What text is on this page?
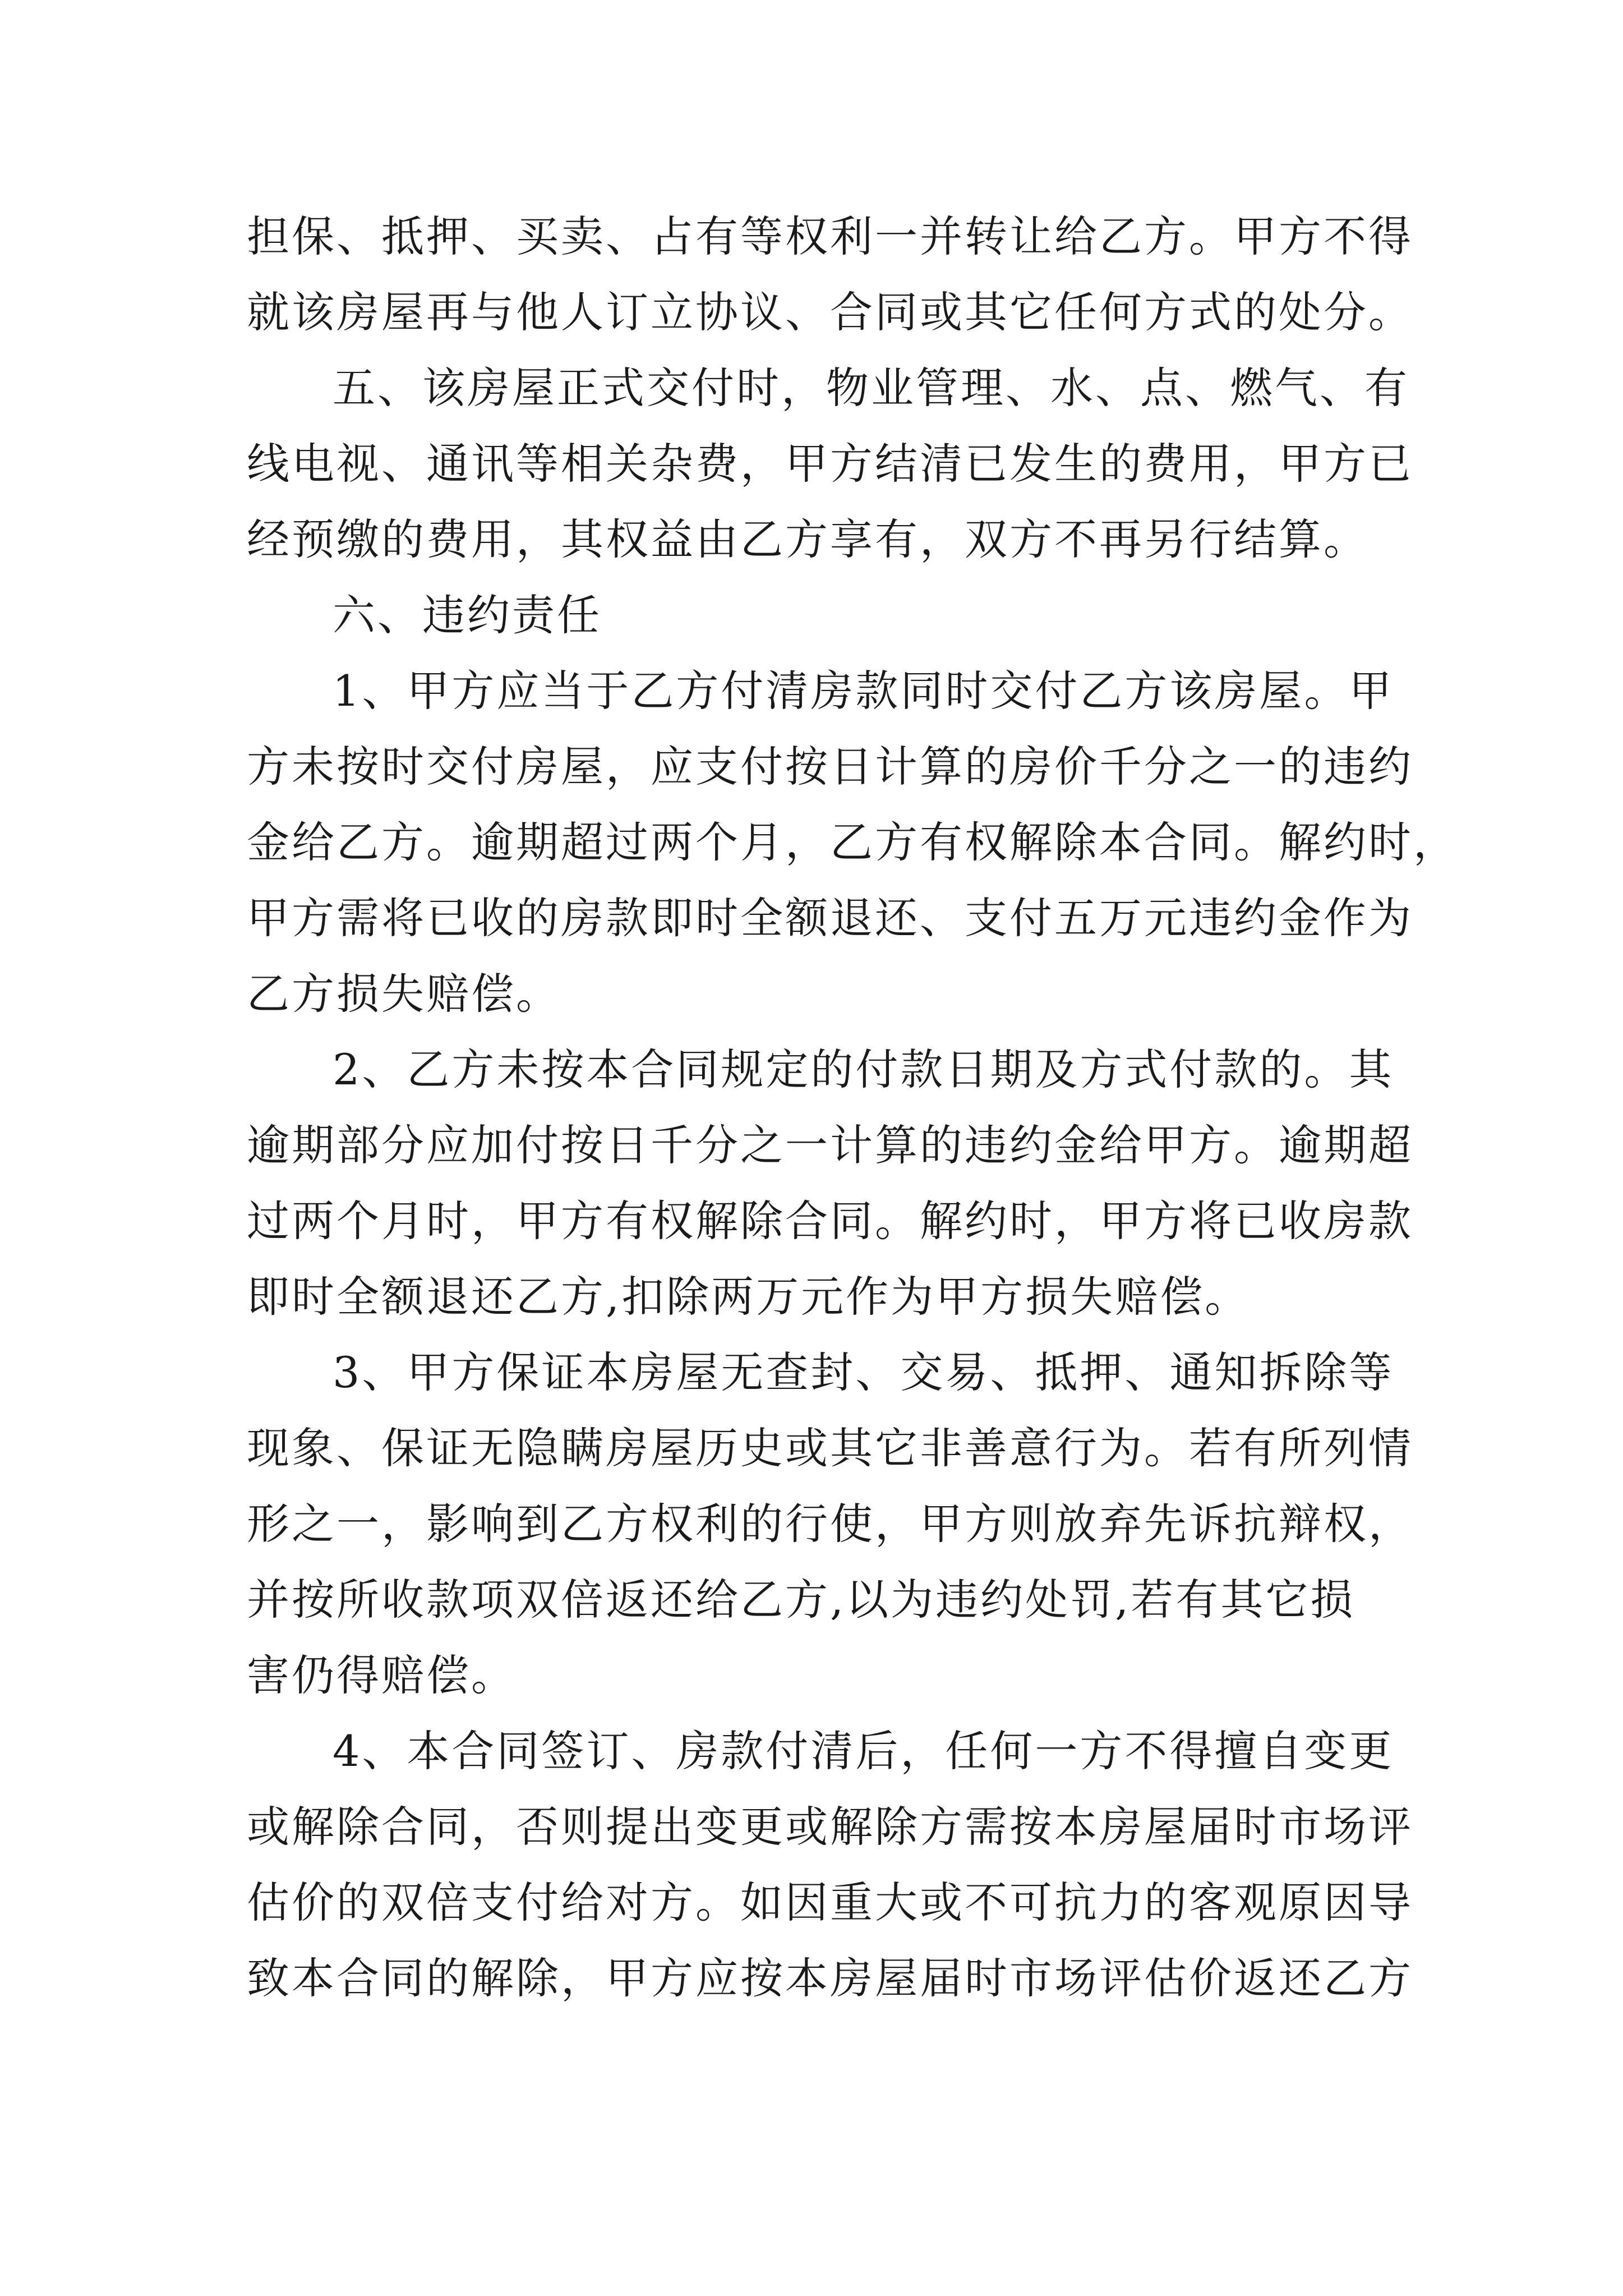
担保、抵押、买卖、占有等权利一并转让给乙方。甲方不得
就该房屋再与他人订立协议、合同或其它任何方式的处分。
五、该房屋正式交付时，物业管理、水、点、燃气、有
线电视、通讯等相关杂费，甲方结清已发生的费用，甲方已
经预缴的费用，其权益由乙方享有，双方不再另行结算。
六、违约责任
1、甲方应当于乙方付清房款同时交付乙方该房屋。甲
方未按时交付房屋，应支付按日计算的房价千分之一的违约
金给乙方。逾期超过两个月，乙方有权解除本合同。解约时，
甲方需将已收的房款即时全额退还、支付五万元违约金作为
乙方损失赔偿。
2、乙方未按本合同规定的付款日期及方式付款的。其
逾期部分应加付按日千分之一计算的违约金给甲方。逾期超
过两个月时，甲方有权解除合同。解约时，甲方将已收房款
即时全额退还乙方,扣除两万元作为甲方损失赔偿。
3、甲方保证本房屋无查封、交易、抵押、通知拆除等
现象、保证无隐瞒房屋历史或其它非善意行为。若有所列情
形之一，影响到乙方权利的行使，甲方则放弃先诉抗辩权，
并按所收款项双倍返还给乙方,以为违约处罚,若有其它损
害仍得赔偿。
4、本合同签订、房款付清后，任何一方不得擅自变更
或解除合同，否则提出变更或解除方需按本房屋届时市场评
估价的双倍支付给对方。如因重大或不可抗力的客观原因导
致本合同的解除，甲方应按本房屋届时市场评估价返还乙方
